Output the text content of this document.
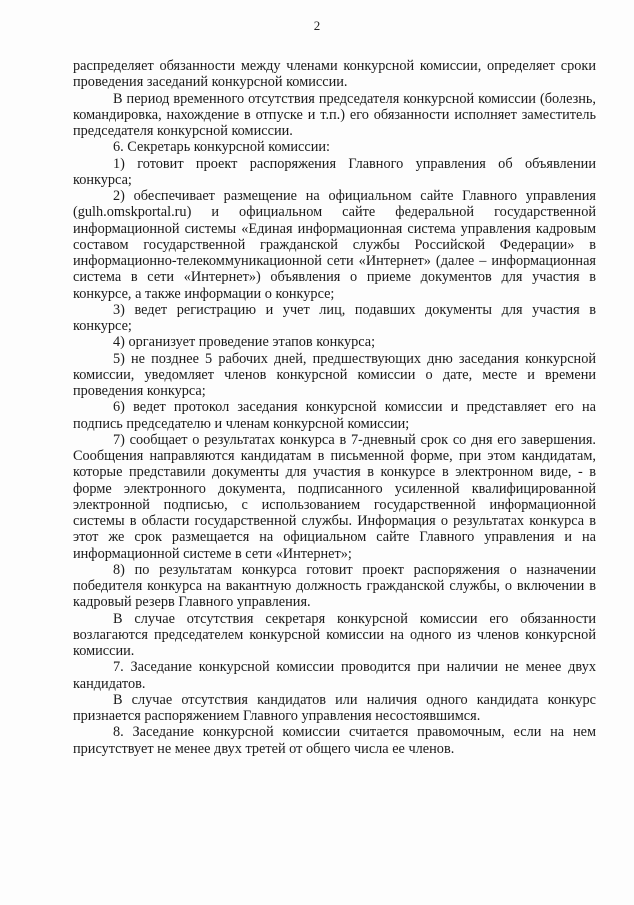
2

распределяет обязанности между членами конкурсной комиссии, определяет сроки проведения заседаний конкурсной комиссии.

В период временного отсутствия председателя конкурсной комиссии (болезнь, командировка, нахождение в отпуске и т.п.) его обязанности исполняет заместитель председателя конкурсной комиссии.

6. Секретарь конкурсной комиссии:

1) готовит проект распоряжения Главного управления об объявлении конкурса;

2) обеспечивает размещение на официальном сайте Главного управления (gulh.omskportal.ru) и официальном сайте федеральной государственной информационной системы «Единая информационная система управления кадровым составом государственной гражданской службы Российской Федерации» в информационно-телекоммуникационной сети «Интернет» (далее – информационная система в сети «Интернет») объявления о приеме документов для участия в конкурсе, а также информации о конкурсе;

3) ведет регистрацию и учет лиц, подавших документы для участия в конкурсе;

4) организует проведение этапов конкурса;

5) не позднее 5 рабочих дней, предшествующих дню заседания конкурсной комиссии, уведомляет членов конкурсной комиссии о дате, месте и времени проведения конкурса;

6) ведет протокол заседания конкурсной комиссии и представляет его на подпись председателю и членам конкурсной комиссии;

7) сообщает о результатах конкурса в 7-дневный срок со дня его завершения. Сообщения направляются кандидатам в письменной форме, при этом кандидатам, которые представили документы для участия в конкурсе в электронном виде, - в форме электронного документа, подписанного усиленной квалифицированной электронной подписью, с использованием государственной информационной системы в области государственной службы. Информация о результатах конкурса в этот же срок размещается на официальном сайте Главного управления и на информационной системе в сети «Интернет»;

8) по результатам конкурса готовит проект распоряжения о назначении победителя конкурса на вакантную должность гражданской службы, о включении в кадровый резерв Главного управления.

В случае отсутствия секретаря конкурсной комиссии его обязанности возлагаются председателем конкурсной комиссии на одного из членов конкурсной комиссии.

7. Заседание конкурсной комиссии проводится при наличии не менее двух кандидатов.

В случае отсутствия кандидатов или наличия одного кандидата конкурс признается распоряжением Главного управления несостоявшимся.

8. Заседание конкурсной комиссии считается правомочным, если на нем присутствует не менее двух третей от общего числа ее членов.
